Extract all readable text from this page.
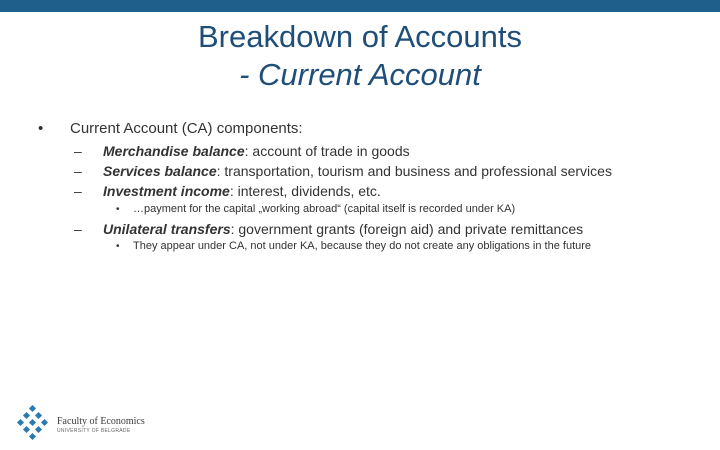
Breakdown of Accounts
- Current Account
• Current Account (CA) components:
– Merchandise balance: account of trade in goods
– Services balance: transportation, tourism and business and professional services
– Investment income: interest, dividends, etc.
• …payment for the capital „working abroad“ (capital itself is recorded under KA)
– Unilateral transfers: government grants (foreign aid) and private remittances
• They appear under CA, not under KA, because they do not create any obligations in the future
Faculty of Economics
UNIVERSITY OF BELGRADE
